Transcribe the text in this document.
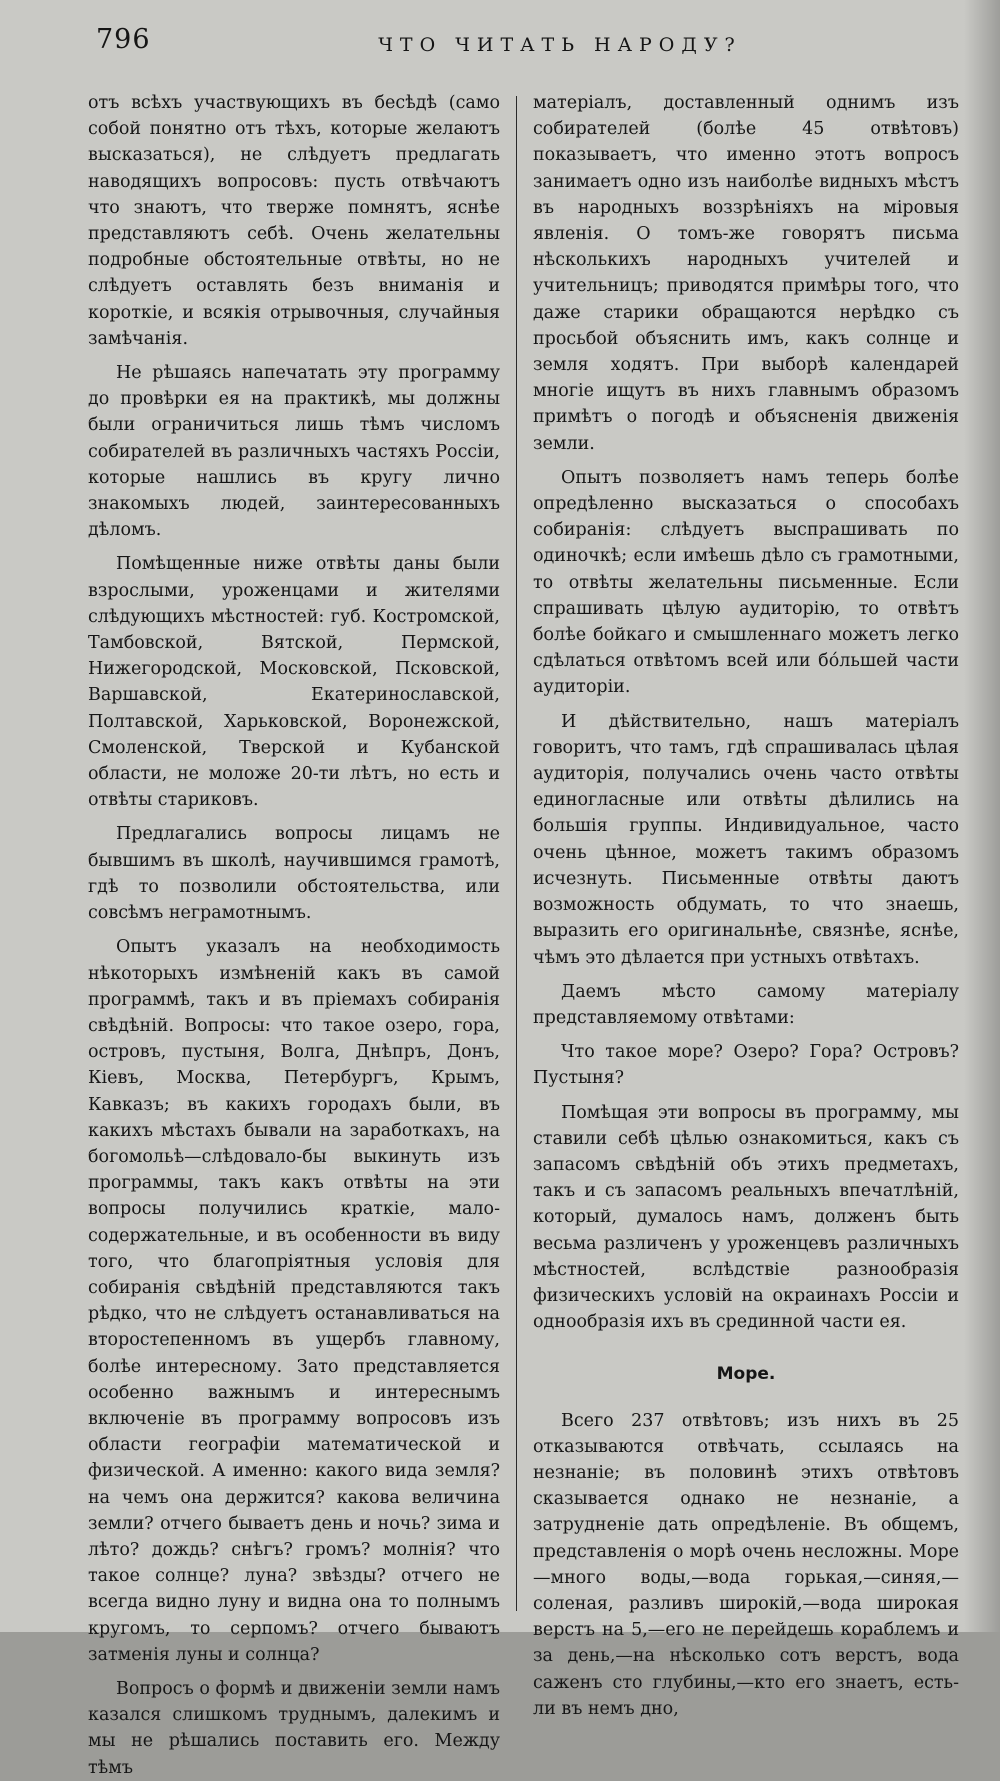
796	ЧТО ЧИТАТЬ НАРОДУ?

отъ всѣхъ участвующихъ въ бесѣдѣ (само собой понятно отъ тѣхъ, которые желаютъ высказаться), не слѣдуетъ предлагать наводящихъ вопросовъ: пусть отвѣчаютъ что знаютъ, что тверже помнятъ, яснѣе представляютъ себѣ. Очень желательны подробные обстоятельные отвѣты, но не слѣдуетъ оставлять безъ вниманія и короткіе, и всякія отрывочныя, случайныя замѣчанія.

Не рѣшаясь напечатать эту программу до провѣрки ея на практикѣ, мы должны были ограничиться лишь тѣмъ числомъ собирателей въ различныхъ частяхъ Россіи, которые нашлись въ кругу лично знакомыхъ людей, заинтересованныхъ дѣломъ.

Помѣщенные ниже отвѣты даны были взрослыми, уроженцами и жителями слѣдующихъ мѣстностей: губ. Костромской, Тамбовской, Вятской, Пермской, Нижегородской, Московской, Псковской, Варшавской, Екатеринославской, Полтавской, Харьковской, Воронежской, Смоленской, Тверской и Кубанской области, не моложе 20-ти лѣтъ, но есть и отвѣты стариковъ.

Предлагались вопросы лицамъ не бывшимъ въ школѣ, научившимся грамотѣ, гдѣ то позволили обстоятельства, или совсѣмъ неграмотнымъ.

Опытъ указалъ на необходимость нѣкоторыхъ измѣненій какъ въ самой программѣ, такъ и въ пріемахъ собиранія свѣдѣній. Вопросы: что такое озеро, гора, островъ, пустыня, Волга, Днѣпръ, Донъ, Кіевъ, Москва, Петербургъ, Крымъ, Кавказъ; въ какихъ городахъ были, въ какихъ мѣстахъ бывали на заработкахъ, на богомольѣ—слѣдовало-бы выкинуть изъ программы, такъ какъ отвѣты на эти вопросы получились краткіе, мало-содержательные, и въ особенности въ виду того, что благопріятныя условія для собиранія свѣдѣній представляются такъ рѣдко, что не слѣдуетъ останавливаться на второстепенномъ въ ущербъ главному, болѣе интересному. Зато представляется особенно важнымъ и интереснымъ включеніе въ программу вопросовъ изъ области географіи математической и физической. А именно: какого вида земля? на чемъ она держится? какова величина земли? отчего бываетъ день и ночь? зима и лѣто? дождь? снѣгъ? громъ? молнія? что такое солнце? луна? звѣзды? отчего не всегда видно луну и видна она то полнымъ кругомъ, то серпомъ? отчего бываютъ затменія луны и солнца?

Вопросъ о формѣ и движеніи земли намъ казался слишкомъ труднымъ, далекимъ и мы не рѣшались поставить его. Между тѣмъ

матеріалъ, доставленный однимъ изъ собирателей (болѣе 45 отвѣтовъ) показываетъ, что именно этотъ вопросъ занимаетъ одно изъ наиболѣе видныхъ мѣстъ въ народныхъ воззрѣніяхъ на міровыя явленія. О томъ-же говорятъ письма нѣсколькихъ народныхъ учителей и учительницъ; приводятся примѣры того, что даже старики обращаются нерѣдко съ просьбой объяснить имъ, какъ солнце и земля ходятъ. При выборѣ календарей многіе ищутъ въ нихъ главнымъ образомъ примѣтъ о погодѣ и объясненія движенія земли.

Опытъ позволяетъ намъ теперь болѣе опредѣленно высказаться о способахъ собиранія: слѣдуетъ выспрашивать по одиночкѣ; если имѣешь дѣло съ грамотными, то отвѣты желательны письменные. Если спрашивать цѣлую аудиторію, то отвѣтъ болѣе бойкаго и смышленнаго можетъ легко сдѣлаться отвѣтомъ всей или бóльшей части аудиторіи.

И дѣйствительно, нашъ матеріалъ говоритъ, что тамъ, гдѣ спрашивалась цѣлая аудиторія, получались очень часто отвѣты единогласные или отвѣты дѣлились на большія группы. Индивидуальное, часто очень цѣнное, можетъ такимъ образомъ исчезнуть. Письменные отвѣты даютъ возможность обдумать, то что знаешь, выразить его оригинальнѣе, связнѣе, яснѣе, чѣмъ это дѣлается при устныхъ отвѣтахъ.

Даемъ мѣсто самому матеріалу представляемому отвѣтами:

Что такое море? Озеро? Гора? Островъ? Пустыня?

Помѣщая эти вопросы въ программу, мы ставили себѣ цѣлью ознакомиться, какъ съ запасомъ свѣдѣній объ этихъ предметахъ, такъ и съ запасомъ реальныхъ впечатлѣній, который, думалось намъ, долженъ быть весьма различенъ у уроженцевъ различныхъ мѣстностей, вслѣдствіе разнообразія физическихъ условій на окраинахъ Россіи и однообразія ихъ въ срединной части ея.

Море.

Всего 237 отвѣтовъ; изъ нихъ въ 25 отказываются отвѣчать, ссылаясь на незнаніе; въ половинѣ этихъ отвѣтовъ сказывается однако не незнаніе, а затрудненіе дать опредѣленіе. Въ общемъ, представленія о морѣ очень несложны. Море—много воды,—вода горькая,—синяя,—соленая, разливъ широкій,—вода широкая верстъ на 5,—его не перейдешь кораблемъ и за день,—на нѣсколько сотъ верстъ, вода саженъ сто глубины,—кто его знаетъ, есть-ли въ немъ дно,
